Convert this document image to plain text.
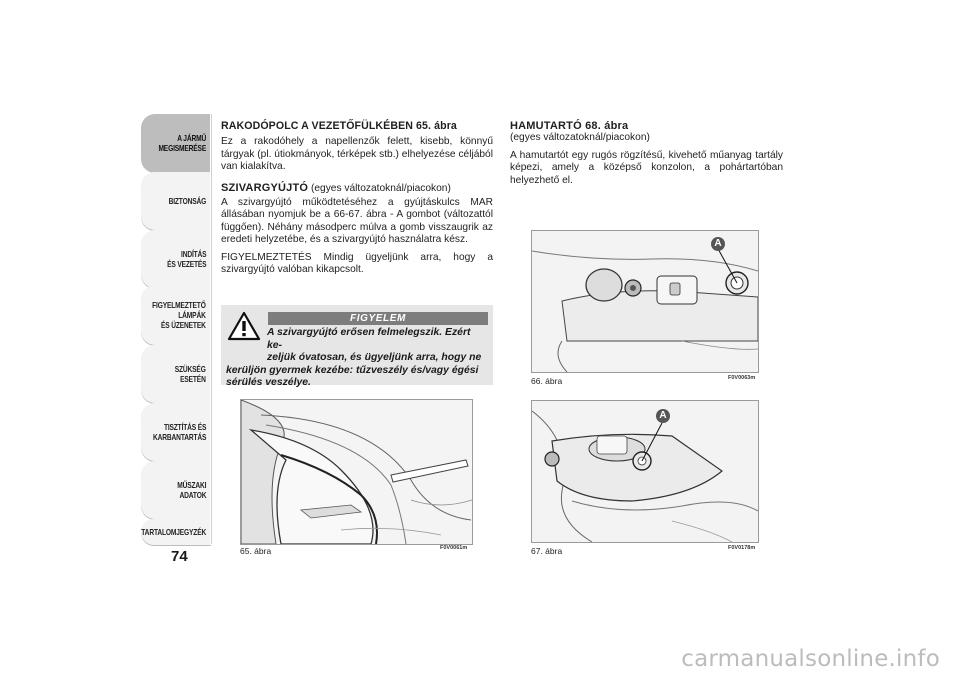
A JÁRMŰ
MEGISMERÉSE
BIZTONSÁG
INDÍTÁS
ÉS VEZETÉS
FIGYELMEZTETŐ
LÁMPÁK
ÉS ÜZENETEK
SZÜKSÉG
ESETÉN
TISZTÍTÁS ÉS
KARBANTARTÁS
MŰSZAKI
ADATOK
TARTALOMJEGYZÉK
74

RAKODÓPOLC A VEZETŐFÜLKÉBEN 65. ábra

Ez a rakodóhely a napellenzők felett, kisebb, könnyű tárgyak (pl. útiokmányok, térképek stb.) elhelyezése céljából van kialakítva.

SZIVARGYÚJTÓ (egyes változatoknál/piacokon)

A szivargyújtó működtetéséhez a gyújtáskulcs MAR állásában nyomjuk be a 66-67. ábra - A gombot (változattól függően). Néhány másodperc múlva a gomb visszaugrik az eredeti helyzetébe, és a szivargyújtó használatra kész.

FIGYELMEZTETÉS Mindig ügyeljünk arra, hogy a szivargyújtó valóban kikapcsolt.

FIGYELEM
A szivargyújtó erősen felmelegszik. Ezért ke-
zeljük óvatosan, és ügyeljünk arra, hogy ne
kerüljön gyermek kezébe: tűzveszély és/vagy égési sérülés veszélye.
HAMUTARTÓ 68. ábra
(egyes változatoknál/piacokon)

A hamutartót egy rugós rögzítésű, kivehető műanyag tartály képezi, amely a középső konzolon, a pohártartóban helyezhető el.

65. ábra	F0V0061m
A
66. ábra	F0V0063m
A
67. ábra	F0V0178m
carmanualsonline.info
